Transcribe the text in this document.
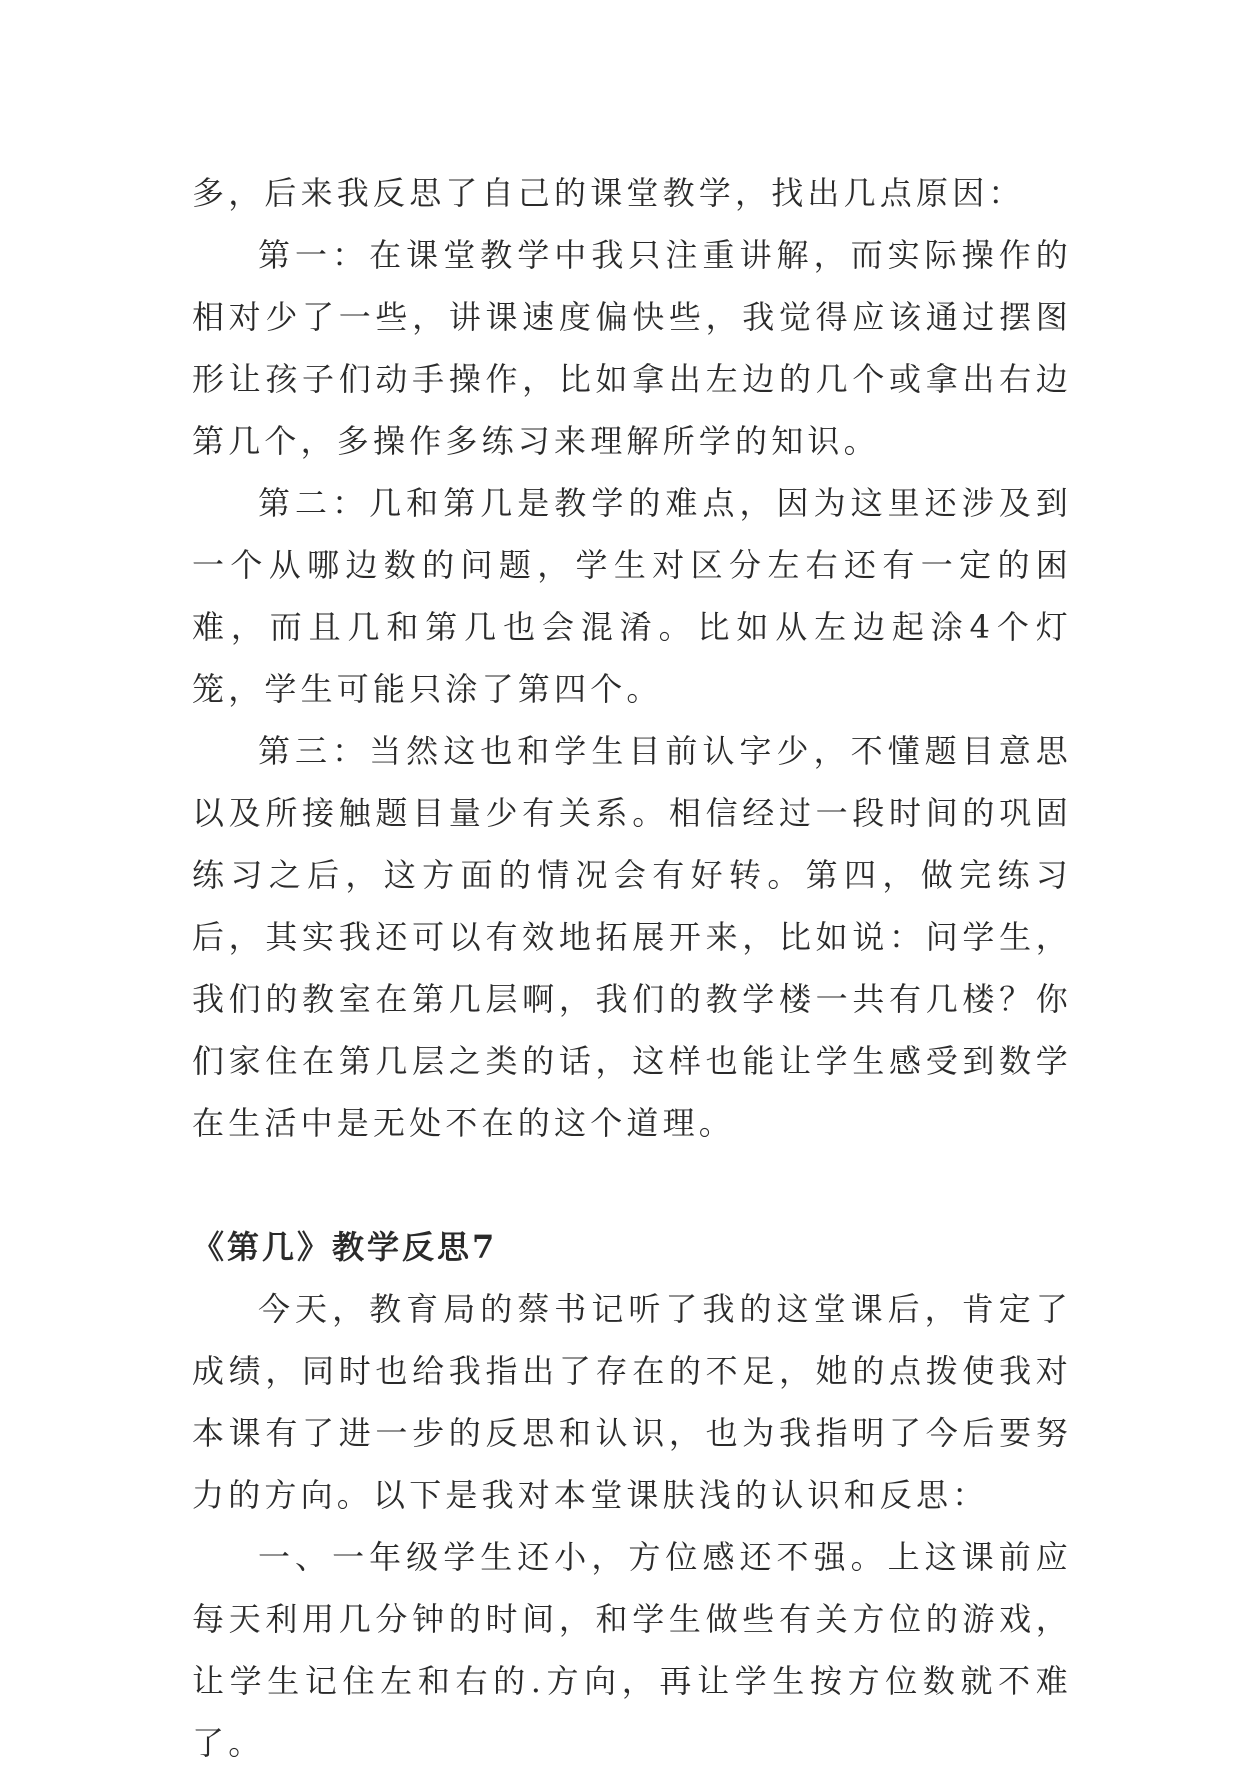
多，后来我反思了自己的课堂教学，找出几点原因：

第一：在课堂教学中我只注重讲解，而实际操作的相对少了一些，讲课速度偏快些，我觉得应该通过摆图形让孩子们动手操作，比如拿出左边的几个或拿出右边第几个，多操作多练习来理解所学的知识。

第二：几和第几是教学的难点，因为这里还涉及到一个从哪边数的问题，学生对区分左右还有一定的困难，而且几和第几也会混淆。比如从左边起涂4个灯笼，学生可能只涂了第四个。

第三：当然这也和学生目前认字少，不懂题目意思以及所接触题目量少有关系。相信经过一段时间的巩固练习之后，这方面的情况会有好转。第四，做完练习后，其实我还可以有效地拓展开来，比如说：问学生，我们的教室在第几层啊，我们的教学楼一共有几楼？你们家住在第几层之类的话，这样也能让学生感受到数学在生活中是无处不在的这个道理。

《第几》教学反思7

今天，教育局的蔡书记听了我的这堂课后，肯定了成绩，同时也给我指出了存在的不足，她的点拨使我对本课有了进一步的反思和认识，也为我指明了今后要努力的方向。以下是我对本堂课肤浅的认识和反思：

一、一年级学生还小，方位感还不强。上这课前应每天利用几分钟的时间，和学生做些有关方位的游戏，让学生记住左和右的.方向，再让学生按方位数就不难了。
